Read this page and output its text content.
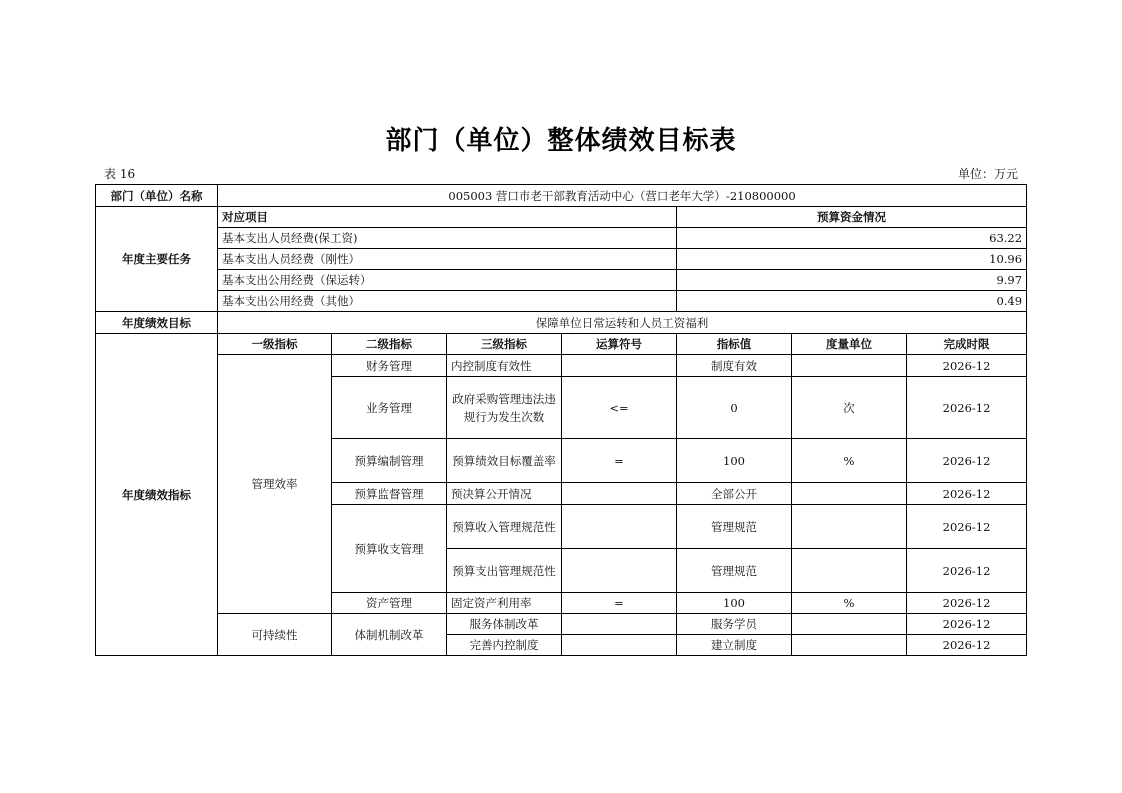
部门（单位）整体绩效目标表
表 16	单位：万元
部门（单位）名称	005003 营口市老干部教育活动中心（营口老年大学）-210800000						
年度主要任务	对应项目				预算资金情况		
	基本支出人员经费(保工资)				63.22		
	基本支出人员经费（刚性）				10.96		
	基本支出公用经费（保运转）				9.97		
	基本支出公用经费（其他）				0.49		
年度绩效目标	保障单位日常运转和人员工资福利						
年度绩效指标	一级指标	二级指标	三级指标	运算符号	指标值	度量单位	完成时限
	管理效率	财务管理	内控制度有效性		制度有效		2026-12
		业务管理	政府采购管理违法违规行为发生次数	<=	0	次	2026-12
		预算编制管理	预算绩效目标覆盖率	=	100	%	2026-12
		预算监督管理	预决算公开情况		全部公开		2026-12
		预算收支管理	预算收入管理规范性		管理规范		2026-12
			预算支出管理规范性		管理规范		2026-12
		资产管理	固定资产利用率	=	100	%	2026-12
	可持续性	体制机制改革	服务体制改革		服务学员		2026-12
			完善内控制度		建立制度		2026-12
